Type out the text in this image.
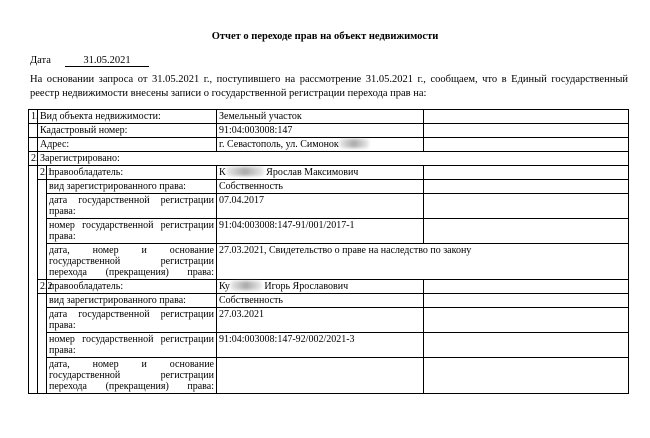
Отчет о переходе прав на объект недвижимости
Дата	31.05.2021
На основании запроса от 31.05.2021 г., поступившего на рассмотрение 31.05.2021 г., сообщаем, что в Единый государственный реестр недвижимости внесены записи о государственной регистрации перехода прав на:
1.	Вид объекта недвижимости:		Земельный участок	
	Кадастровый номер:		91:04:003008:147	
	Адрес:		г. Севастополь, ул. Симонок	
2.	Зарегистрировано:			
	2.1	правообладатель:	К Ярослав Максимович	
		вид зарегистрированного права:	Собственность	
		дата государственной регистрации права:	07.04.2017	
		номер государственной регистрации права:	91:04:003008:147-91/001/2017-1	
		дата, номер и основание государственной регистрации перехода (прекращения) права:	27.03.2021, Свидетельство о праве на наследство по закону	
	2.2	правообладатель:	Ку Игорь Ярославович	
		вид зарегистрированного права:	Собственность	
		дата государственной регистрации права:	27.03.2021	
		номер государственной регистрации права:	91:04:003008:147-92/002/2021-3	
		дата, номер и основание государственной регистрации перехода (прекращения) права:		
